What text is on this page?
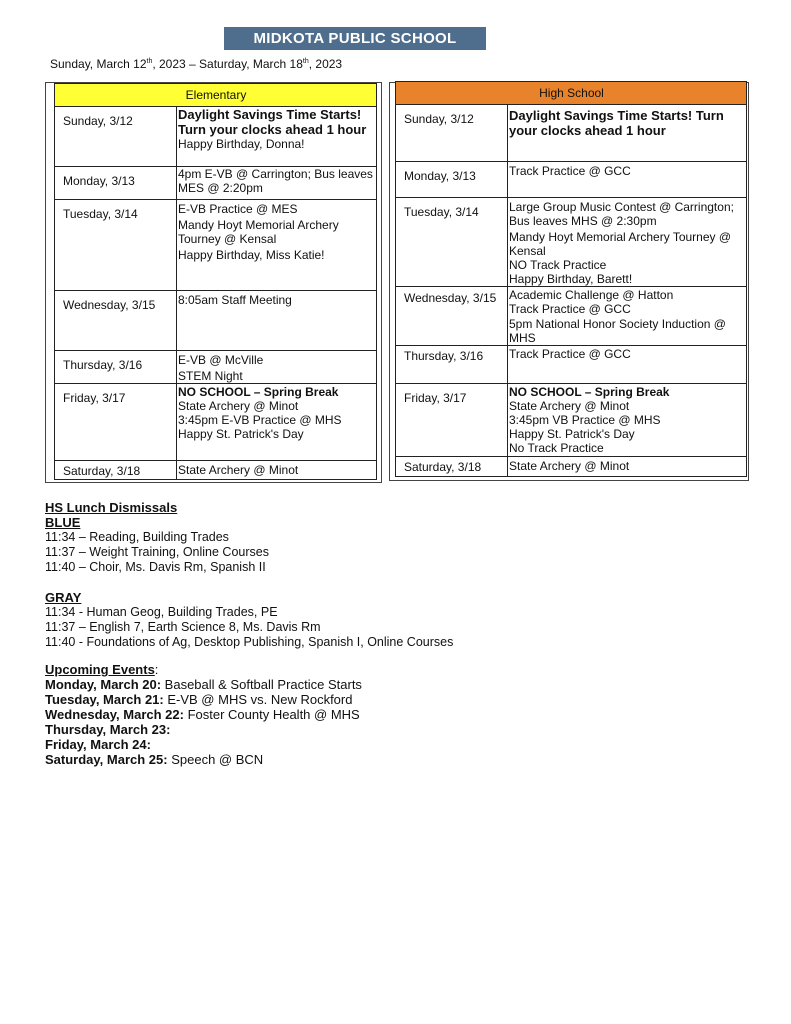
MIDKOTA PUBLIC SCHOOL
Sunday, March 12th, 2023 – Saturday, March 18th, 2023
Elementary	
Sunday, 3/12	Daylight Savings Time Starts! Turn your clocks ahead 1 hour
Happy Birthday, Donna!

Monday, 3/13	4pm E-VB @ Carrington; Bus leaves MES @ 2:20pm

Tuesday, 3/14	E-VB Practice @ MES
Mandy Hoyt Memorial Archery Tourney @ Kensal
Happy Birthday, Miss Katie!

Wednesday, 3/15	8:05am Staff Meeting

Thursday, 3/16	E-VB @ McVille
STEM Night

Friday, 3/17	NO SCHOOL – Spring Break
State Archery @ Minot
3:45pm E-VB Practice @ MHS
Happy St. Patrick's Day

Saturday, 3/18	State Archery @ Minot
High School	
Sunday, 3/12	Daylight Savings Time Starts! Turn your clocks ahead 1 hour

Monday, 3/13	Track Practice @ GCC

Tuesday, 3/14	Large Group Music Contest @ Carrington; Bus leaves MHS @ 2:30pm
Mandy Hoyt Memorial Archery Tourney @ Kensal
NO Track Practice
Happy Birthday, Barett!

Wednesday, 3/15	Academic Challenge @ Hatton
Track Practice @ GCC
5pm National Honor Society Induction @ MHS

Thursday, 3/16	Track Practice @ GCC

Friday, 3/17	NO SCHOOL – Spring Break
State Archery @ Minot
3:45pm VB Practice @ MHS
Happy St. Patrick's Day
No Track Practice

Saturday, 3/18	State Archery @ Minot
HS Lunch Dismissals
BLUE
11:34 – Reading, Building Trades
11:37 – Weight Training, Online Courses
11:40 – Choir, Ms. Davis Rm, Spanish II
GRAY
11:34 - Human Geog, Building Trades, PE
11:37 – English 7, Earth Science 8, Ms. Davis Rm
11:40 - Foundations of Ag, Desktop Publishing, Spanish I, Online Courses
Upcoming Events:
Monday, March 20: Baseball & Softball Practice Starts
Tuesday, March 21: E-VB @ MHS vs. New Rockford
Wednesday, March 22: Foster County Health @ MHS
Thursday, March 23:
Friday, March 24:
Saturday, March 25: Speech @ BCN
